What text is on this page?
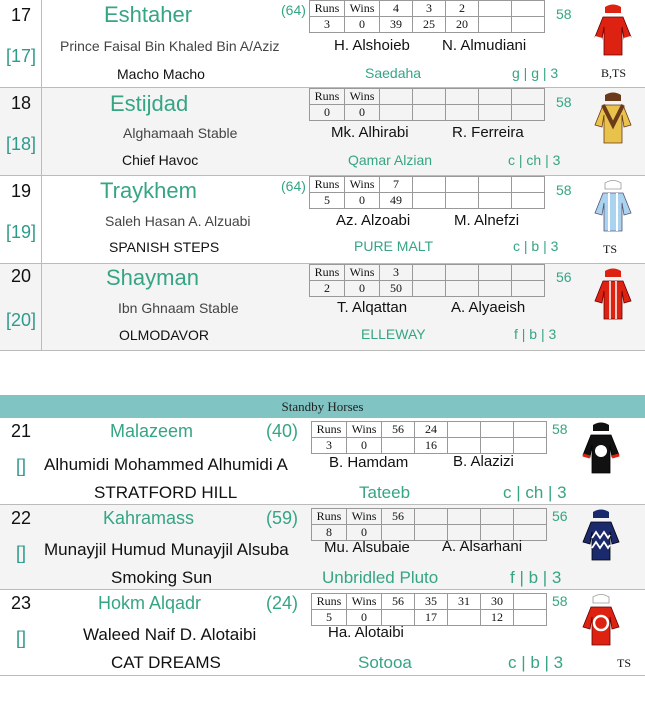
17
[17]
Eshtaher	(64) Runs	Wins	4	3	2		
3	0	39	25	20		
58
Prince Faisal Bin Khaled Bin A/Aziz	H. Alshoieb N. Almudiani
Macho Macho	Saedaha	g | g | 3	B,TS
18
[18]
Estijdad	Runs	Wins					
0	0					
58
Alghamaah Stable	Mk. Alhirabi	R. Ferreira
Chief Havoc	Qamar Alzian	c | ch | 3
19
[19]
Traykhem	(64) Runs	Wins	7				
5	0	49				
58
Saleh Hasan A. Alzuabi	Az. Alzoabi	M. Alnefzi
SPANISH STEPS	PURE MALT	c | b | 3	TS
20
[20]
Shayman	Runs	Wins	3				
2	0	50				
56
Ibn Ghnaam Stable	T. Alqattan	A. Alyaeish
OLMODAVOR	ELLEWAY	f | b | 3
Standby Horses
21
[]
Malazeem	(40) Runs	Wins	56	24			
3	0		16			
58
Alhumidi Mohammed Alhumidi A	B. Hamdam	B. Alazizi
STRATFORD HILL	Tateeb	c | ch | 3
22
[]
Kahramass	(59) Runs	Wins	56				
8	0					
56
Munayjil Humud Munayjil Alsuba	Mu. Alsubaie A. Alsarhani
Smoking Sun	Unbridled Pluto	f | b | 3
23
[]
Hokm Alqadr	(24) Runs	Wins	56	35	31	30	
5	0		17		12	
58
Waleed Naif D. Alotaibi	Ha. Alotaibi
CAT DREAMS	Sotooa	c | b | 3	TS
